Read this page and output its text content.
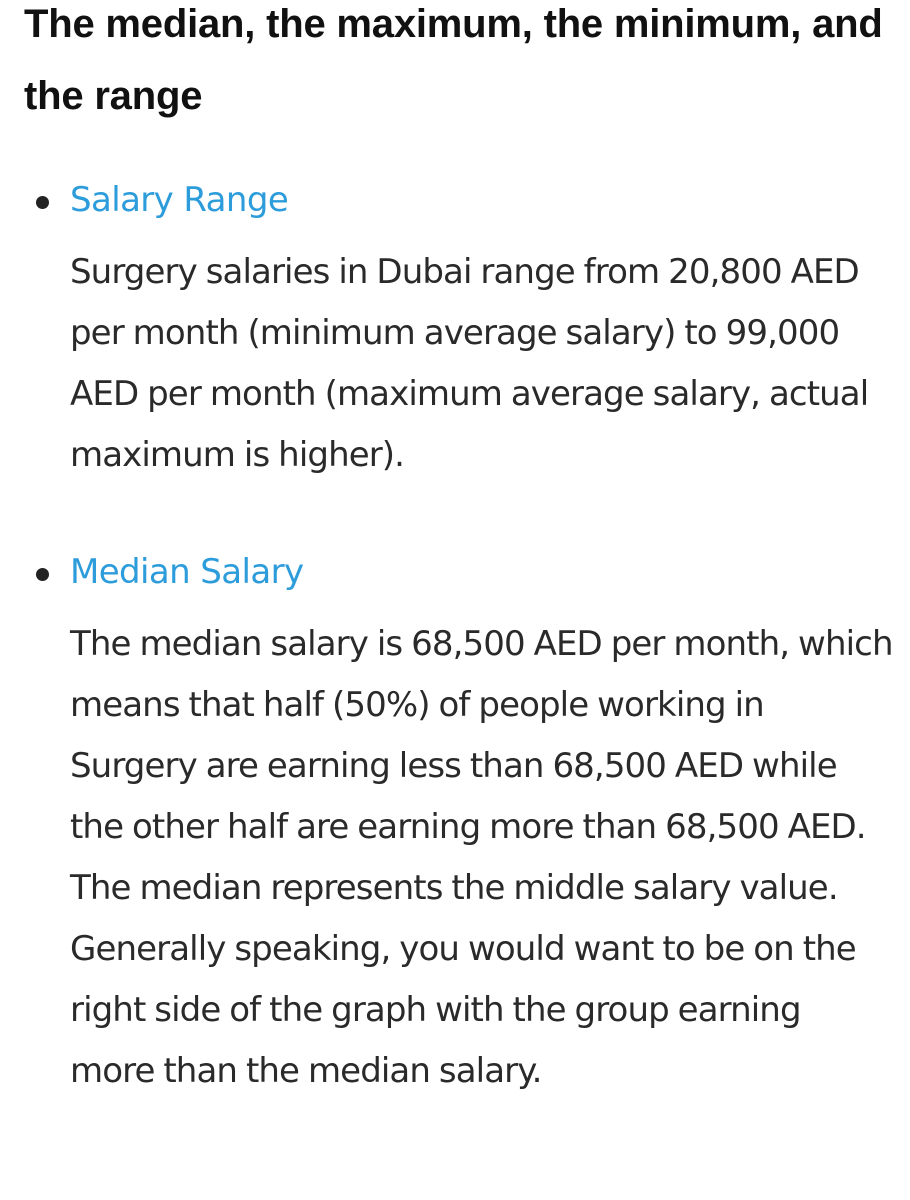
The median, the maximum, the minimum, and the range
Salary Range

Surgery salaries in Dubai range from 20,800 AED per month (minimum average salary) to 99,000 AED per month (maximum average salary, actual maximum is higher).

Median Salary

The median salary is 68,500 AED per month, which means that half (50%) of people working in Surgery are earning less than 68,500 AED while the other half are earning more than 68,500 AED. The median represents the middle salary value. Generally speaking, you would want to be on the right side of the graph with the group earning more than the median salary.
